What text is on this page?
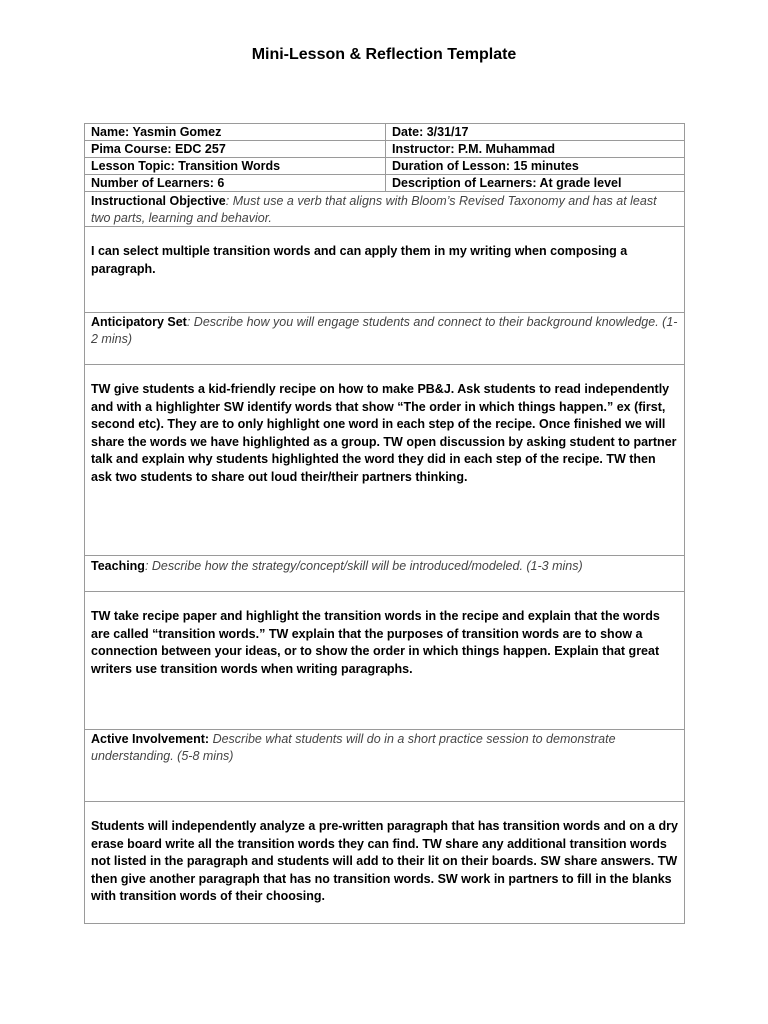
Mini-Lesson & Reflection Template
Name: Yasmin Gomez	Date: 3/31/17
Pima Course: EDC 257	Instructor: P.M. Muhammad
Lesson Topic: Transition Words	Duration of Lesson: 15 minutes
Number of Learners: 6	Description of Learners: At grade level
Instructional Objective: Must use a verb that aligns with Bloom’s Revised Taxonomy and has at least two parts, learning and behavior.
I can select multiple transition words and can apply them in my writing when composing a paragraph.
Anticipatory Set: Describe how you will engage students and connect to their background knowledge. (1-2 mins)
TW give students a kid-friendly recipe on how to make PB&J. Ask students to read independently and with a highlighter SW identify words that show “The order in which things happen.” ex (first, second etc). They are to only highlight one word in each step of the recipe. Once finished we will share the words we have highlighted as a group. TW open discussion by asking student to partner talk and explain why students highlighted the word they did in each step of the recipe. TW then ask two students to share out loud their/their partners thinking.
Teaching: Describe how the strategy/concept/skill will be introduced/modeled. (1-3 mins)
TW take recipe paper and highlight the transition words in the recipe and explain that the words are called “transition words.” TW explain that the purposes of transition words are to show a connection between your ideas, or to show the order in which things happen. Explain that great writers use transition words when writing paragraphs.
Active Involvement: Describe what students will do in a short practice session to demonstrate understanding. (5-8 mins)
Students will independently analyze a pre-written paragraph that has transition words and on a dry erase board write all the transition words they can find. TW share any additional transition words not listed in the paragraph and students will add to their lit on their boards. SW share answers. TW then give another paragraph that has no transition words. SW work in partners to fill in the blanks with transition words of their choosing.
